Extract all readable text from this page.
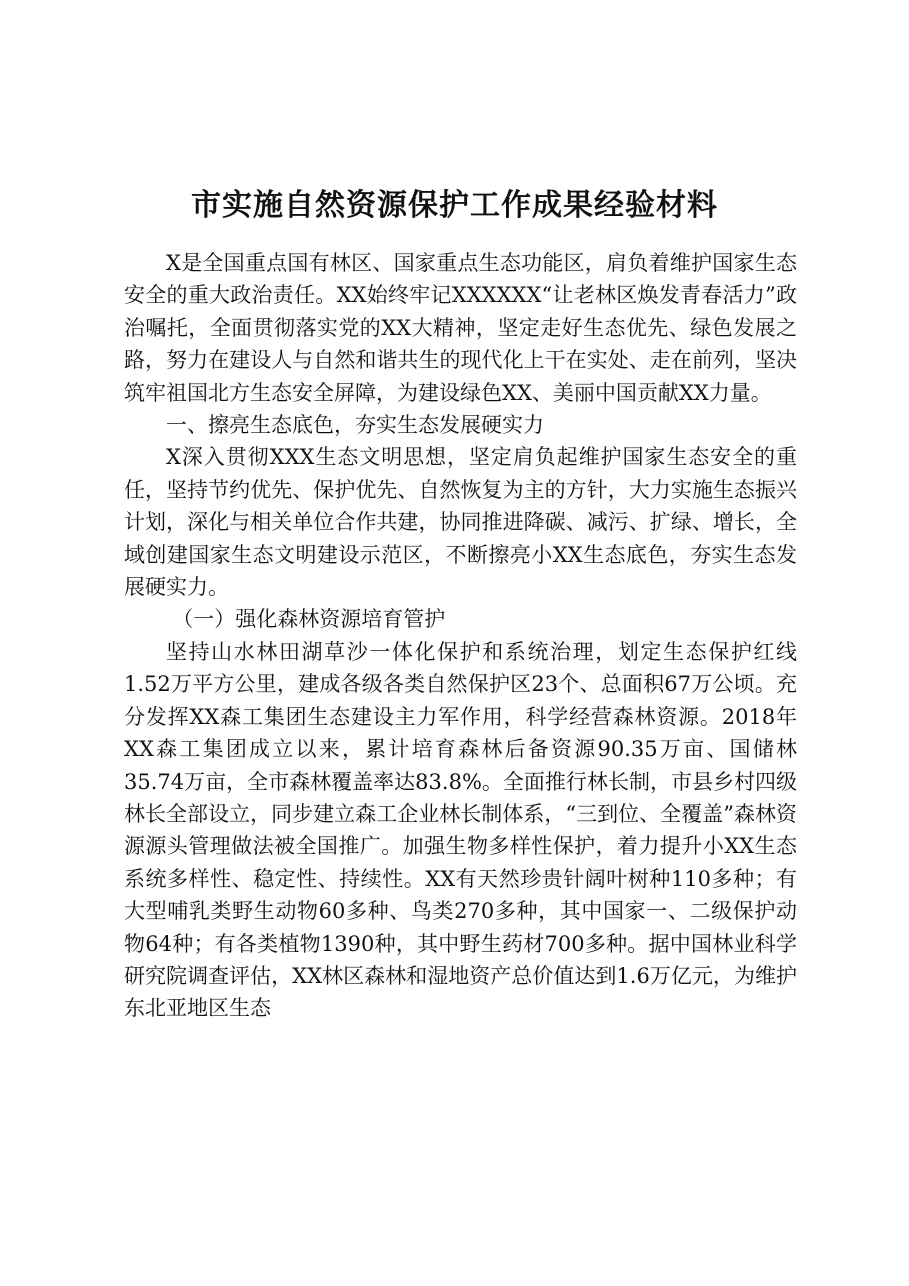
市实施自然资源保护工作成果经验材料

X是全国重点国有林区、国家重点生态功能区，肩负着维护国家生态安全的重大政治责任。XX始终牢记XXXXXX“让老林区焕发青春活力”政治嘱托，全面贯彻落实党的XX大精神，坚定走好生态优先、绿色发展之路，努力在建设人与自然和谐共生的现代化上干在实处、走在前列，坚决筑牢祖国北方生态安全屏障，为建设绿色XX、美丽中国贡献XX力量。

一、擦亮生态底色，夯实生态发展硬实力

X深入贯彻XXX生态文明思想，坚定肩负起维护国家生态安全的重任，坚持节约优先、保护优先、自然恢复为主的方针，大力实施生态振兴计划，深化与相关单位合作共建，协同推进降碳、减污、扩绿、增长，全域创建国家生态文明建设示范区，不断擦亮小XX生态底色，夯实生态发展硬实力。

（一）强化森林资源培育管护

坚持山水林田湖草沙一体化保护和系统治理，划定生态保护红线1.52万平方公里，建成各级各类自然保护区23个、总面积67万公顷。充分发挥XX森工集团生态建设主力军作用，科学经营森林资源。2018年XX森工集团成立以来，累计培育森林后备资源90.35万亩、国储林35.74万亩，全市森林覆盖率达83.8%。全面推行林长制，市县乡村四级林长全部设立，同步建立森工企业林长制体系，“三到位、全覆盖”森林资源源头管理做法被全国推广。加强生物多样性保护，着力提升小XX生态系统多样性、稳定性、持续性。XX有天然珍贵针阔叶树种110多种；有大型哺乳类野生动物60多种、鸟类270多种，其中国家一、二级保护动物64种；有各类植物1390种，其中野生药材700多种。据中国林业科学研究院调查评估，XX林区森林和湿地资产总价值达到1.6万亿元，为维护东北亚地区生态
